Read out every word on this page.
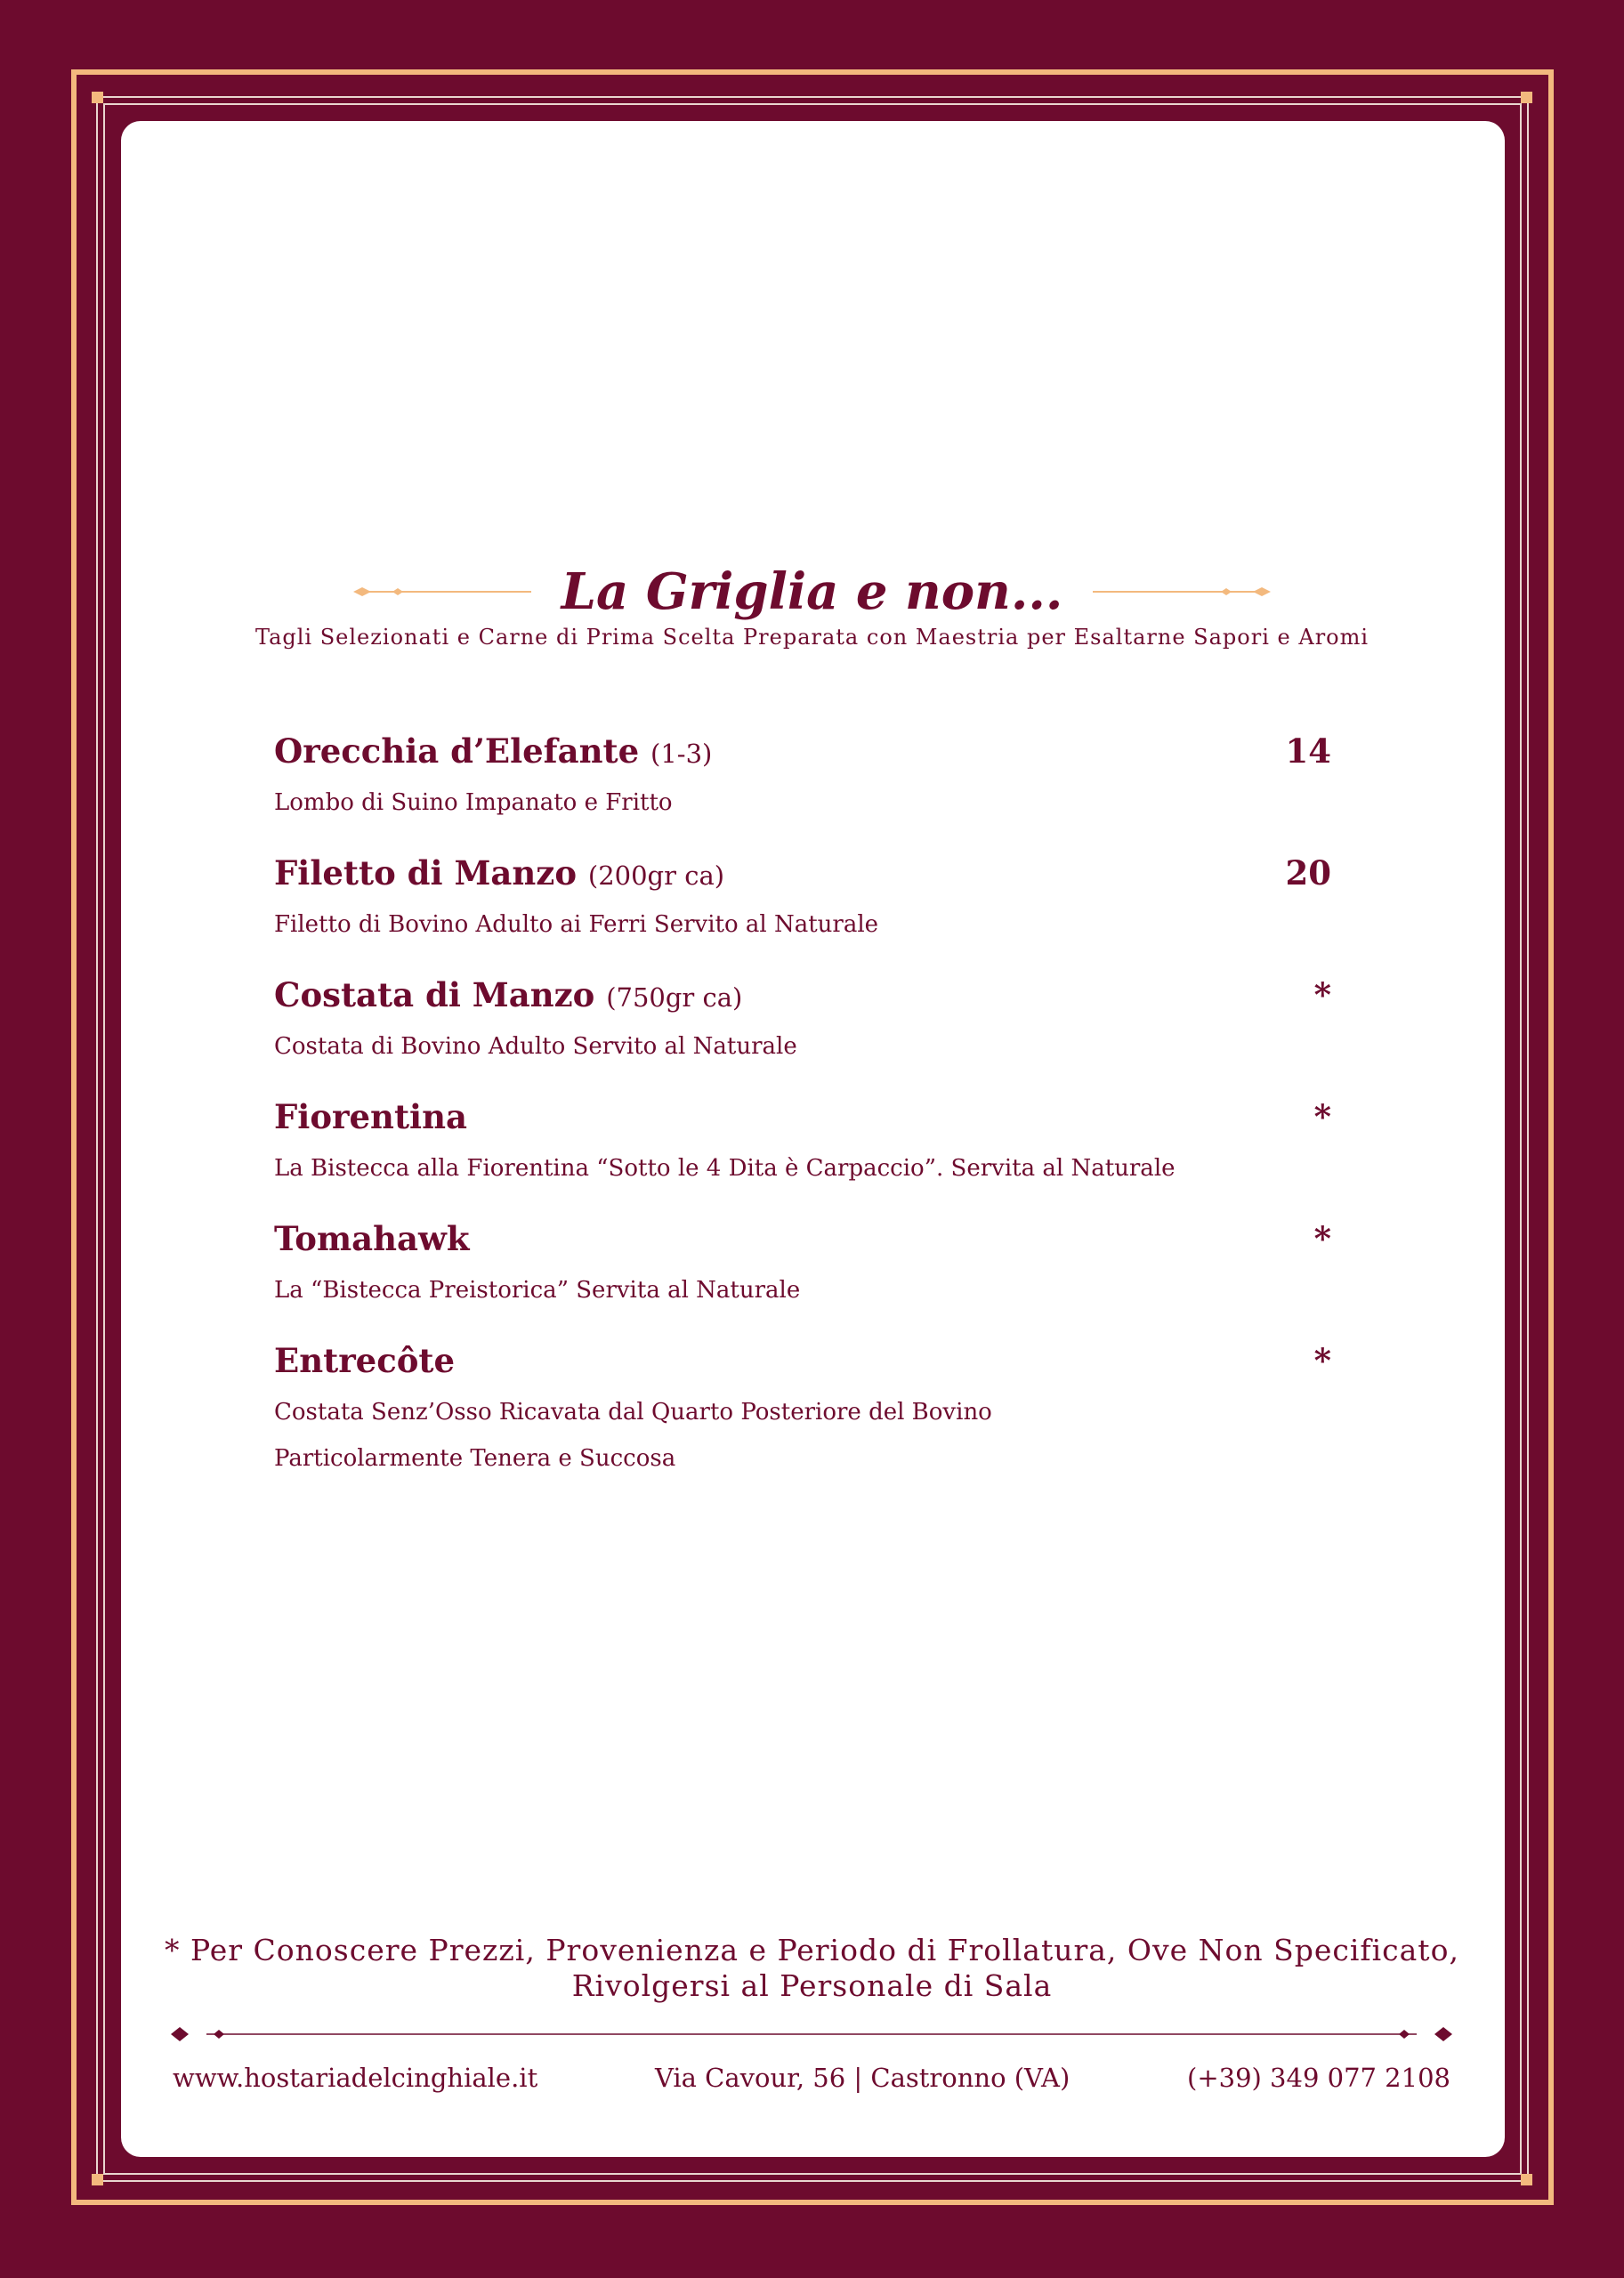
La Griglia e non...
Tagli Selezionati e Carne di Prima Scelta Preparata con Maestria per Esaltarne Sapori e Aromi
Orecchia d’Elefante (1-3)	14
Lombo di Suino Impanato e Fritto
Filetto di Manzo (200gr ca)	20
Filetto di Bovino Adulto ai Ferri Servito al Naturale
Costata di Manzo (750gr ca)	*
Costata di Bovino Adulto Servito al Naturale
Fiorentina	*
La Bistecca alla Fiorentina “Sotto le 4 Dita è Carpaccio”. Servita al Naturale
Tomahawk	*
La “Bistecca Preistorica” Servita al Naturale
Entrecôte	*
Costata Senz’Osso Ricavata dal Quarto Posteriore del Bovino
Particolarmente Tenera e Succosa
* Per Conoscere Prezzi, Provenienza e Periodo di Frollatura, Ove Non Specificato,
Rivolgersi al Personale di Sala
www.hostariadelcinghiale.it	Via Cavour, 56 | Castronno (VA)	(+39) 349 077 2108
